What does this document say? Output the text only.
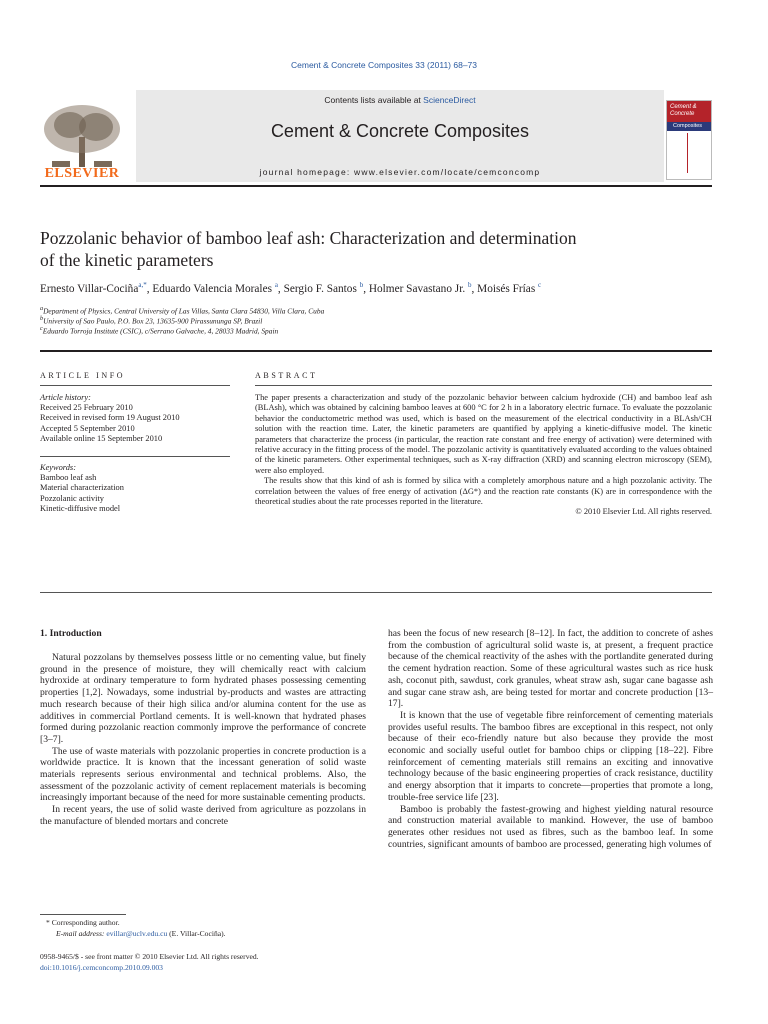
Cement & Concrete Composites 33 (2011) 68–73
ELSEVIER
Contents lists available at ScienceDirect
Cement & Concrete Composites
journal homepage: www.elsevier.com/locate/cemconcomp
Cement &
Concrete
Composites
Pozzolanic behavior of bamboo leaf ash: Characterization and determination
of the kinetic parameters
Ernesto Villar-Cociña$^{a,*}$, Eduardo Valencia Morales $^a$, Sergio F. Santos $^b$, Holmer Savastano Jr. $^b$, Moisés Frías $^c$
$^a$Department of Physics, Central University of Las Villas, Santa Clara 54830, Villa Clara, Cuba
$^b$University of Sao Paulo, P.O. Box 23, 13635-900 Pirassununga SP, Brazil
$^c$Eduardo Torroja Institute (CSIC), c/Serrano Galvache, 4, 28033 Madrid, Spain
ARTICLE INFO	ABSTRACT
Article history:
Received 25 February 2010
Received in revised form 19 August 2010
Accepted 5 September 2010
Available online 15 September 2010
Keywords:
Bamboo leaf ash
Material characterization
Pozzolanic activity
Kinetic-diffusive model

The paper presents a characterization and study of the pozzolanic behavior between calcium hydroxide (CH) and bamboo leaf ash (BLAsh), which was obtained by calcining bamboo leaves at 600 °C for 2 h in a laboratory electric furnace. To evaluate the pozzolanic behavior the conductometric method was used, which is based on the measurement of the electrical conductivity in a BLAsh/CH solution with the reaction time. Later, the kinetic parameters are quantified by applying a kinetic-diffusive model. The kinetic parameters that characterize the process (in particular, the reaction rate constant and free energy of activation) were determined with relative accuracy in the fitting process of the model. The pozzolanic activity is quantitatively evaluated according to the values obtained of the kinetic parameters. Other experimental techniques, such as X-ray diffraction (XRD) and scanning electron microscopy (SEM), were also employed.

The results show that this kind of ash is formed by silica with a completely amorphous nature and a high pozzolanic activity. The correlation between the values of free energy of activation (ΔG*) and the reaction rate constants (K) are in correspondence with the theoretical studies about the rate processes reported in the literature.

© 2010 Elsevier Ltd. All rights reserved.

1. Introduction

Natural pozzolans by themselves possess little or no cementing value, but finely ground in the presence of moisture, they will chemically react with calcium hydroxide at ordinary temperature to form hydrated phases possessing cementing properties [1,2]. Nowadays, some industrial by-products and wastes are attracting much research because of their high silica and/or alumina content for the use as additives in commercial Portland cements. It is well-known that hydrated phases formed during pozzolanic reaction commonly improve the performance of concrete [3–7].

The use of waste materials with pozzolanic properties in concrete production is a worldwide practice. It is known that the incessant generation of solid waste materials represents serious environmental and technical problems. Also, the assessment of the pozzolanic activity of cement replacement materials is becoming increasingly important because of the need for more sustainable cementing products.

In recent years, the use of solid waste derived from agriculture as pozzolans in the manufacture of blended mortars and concrete

has been the focus of new research [8–12]. In fact, the addition to concrete of ashes from the combustion of agricultural solid waste is, at present, a frequent practice because of the chemical reactivity of the ashes with the portlandite generated during the cement hydration reaction. Some of these agricultural wastes such as rice husk ash, coconut pith, sawdust, cork granules, wheat straw ash, sugar cane bagasse ash and sugar cane straw ash, are being tested for mortar and concrete production [13–17].

It is known that the use of vegetable fibre reinforcement of cementing materials provides useful results. The bamboo fibres are exceptional in this respect, not only because of their eco-friendly nature but also because they provide the most economic and socially useful outlet for bamboo chips or clipping [18–22]. Fibre reinforcement of cementing materials still remains an exciting and innovative technology because of the basic engineering properties of crack resistance, ductility and energy absorption that it imparts to concrete—properties that promote a long, trouble-free service life [23].

Bamboo is probably the fastest-growing and highest yielding natural resource and construction material available to mankind. However, the use of bamboo generates other residues not used as fibres, such as the bamboo leaf. In some countries, significant amounts of bamboo are processed, generating high volumes of

* Corresponding author.
E-mail address: evillar@uclv.edu.cu (E. Villar-Cociña).
0958-9465/$ - see front matter © 2010 Elsevier Ltd. All rights reserved.
doi:10.1016/j.cemconcomp.2010.09.003
